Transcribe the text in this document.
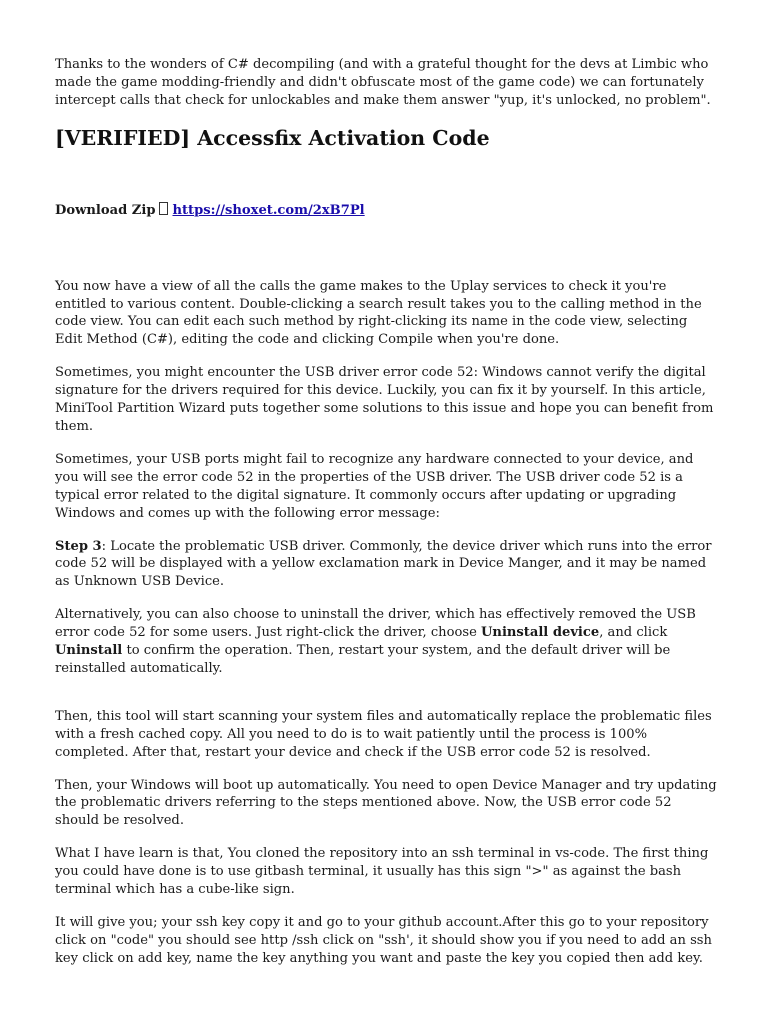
Thanks to the wonders of C# decompiling (and with a grateful thought for the devs at Limbic who made the game modding-friendly and didn't obfuscate most of the game code) we can fortunately intercept calls that check for unlockables and make them answer "yup, it's unlocked, no problem".

[VERIFIED] Accessfix Activation Code

Download Zip https://shoxet.com/2xB7Pl

You now have a view of all the calls the game makes to the Uplay services to check it you're entitled to various content. Double-clicking a search result takes you to the calling method in the code view. You can edit each such method by right-clicking its name in the code view, selecting Edit Method (C#), editing the code and clicking Compile when you're done.

Sometimes, you might encounter the USB driver error code 52: Windows cannot verify the digital signature for the drivers required for this device. Luckily, you can fix it by yourself. In this article, MiniTool Partition Wizard puts together some solutions to this issue and hope you can benefit from them.

Sometimes, your USB ports might fail to recognize any hardware connected to your device, and you will see the error code 52 in the properties of the USB driver. The USB driver code 52 is a typical error related to the digital signature. It commonly occurs after updating or upgrading Windows and comes up with the following error message:

Step 3: Locate the problematic USB driver. Commonly, the device driver which runs into the error code 52 will be displayed with a yellow exclamation mark in Device Manger, and it may be named as Unknown USB Device.

Alternatively, you can also choose to uninstall the driver, which has effectively removed the USB error code 52 for some users. Just right-click the driver, choose Uninstall device, and click Uninstall to confirm the operation. Then, restart your system, and the default driver will be reinstalled automatically.

Then, this tool will start scanning your system files and automatically replace the problematic files with a fresh cached copy. All you need to do is to wait patiently until the process is 100% completed. After that, restart your device and check if the USB error code 52 is resolved.

Then, your Windows will boot up automatically. You need to open Device Manager and try updating the problematic drivers referring to the steps mentioned above. Now, the USB error code 52 should be resolved.

What I have learn is that, You cloned the repository into an ssh terminal in vs-code. The first thing you could have done is to use gitbash terminal, it usually has this sign ">" as against the bash terminal which has a cube-like sign.

It will give you; your ssh key copy it and go to your github account.After this go to your repository click on "code" you should see http /ssh click on "ssh', it should show you if you need to add an ssh key click on add key, name the key anything you want and paste the key you copied then add key.
